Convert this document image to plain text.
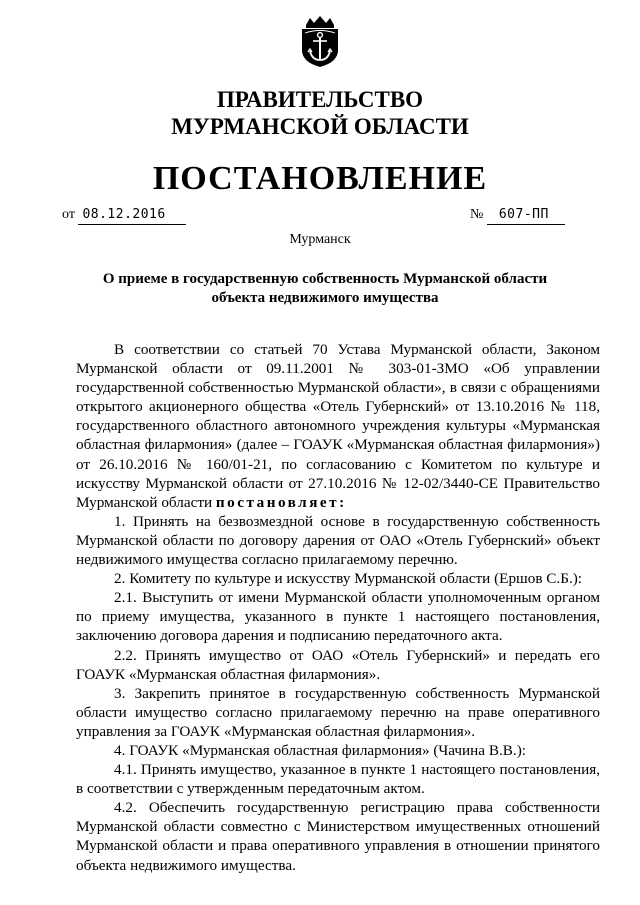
ПРАВИТЕЛЬСТВО
МУРМАНСКОЙ ОБЛАСТИ
ПОСТАНОВЛЕНИЕ
от 08.12.2016	№ 607-ПП
Мурманск
О приеме в государственную собственность Мурманской области
объекта недвижимого имущества

В соответствии со статьей 70 Устава Мурманской области, Законом Мурманской области от 09.11.2001 № 303-01-ЗМО «Об управлении государственной собственностью Мурманской области», в связи с обращениями открытого акционерного общества «Отель Губернский» от 13.10.2016 № 118, государственного областного автономного учреждения культуры «Мурманская областная филармония» (далее – ГОАУК «Мурманская областная филармония») от 26.10.2016 № 160/01-21, по согласованию с Комитетом по культуре и искусству Мурманской области от 27.10.2016 № 12-02/3440-СЕ Правительство Мурманской области постановляет:

1. Принять на безвозмездной основе в государственную собственность Мурманской области по договору дарения от ОАО «Отель Губернский» объект недвижимого имущества согласно прилагаемому перечню.

2. Комитету по культуре и искусству Мурманской области (Ершов С.Б.):

2.1. Выступить от имени Мурманской области уполномоченным органом по приему имущества, указанного в пункте 1 настоящего постановления, заключению договора дарения и подписанию передаточного акта.

2.2. Принять имущество от ОАО «Отель Губернский» и передать его ГОАУК «Мурманская областная филармония».

3. Закрепить принятое в государственную собственность Мурманской области имущество согласно прилагаемому перечню на праве оперативного управления за ГОАУК «Мурманская областная филармония».

4. ГОАУК «Мурманская областная филармония» (Чачина В.В.):

4.1. Принять имущество, указанное в пункте 1 настоящего постановления, в соответствии с утвержденным передаточным актом.

4.2. Обеспечить государственную регистрацию права собственности Мурманской области совместно с Министерством имущественных отношений Мурманской области и права оперативного управления в отношении принятого объекта недвижимого имущества.
